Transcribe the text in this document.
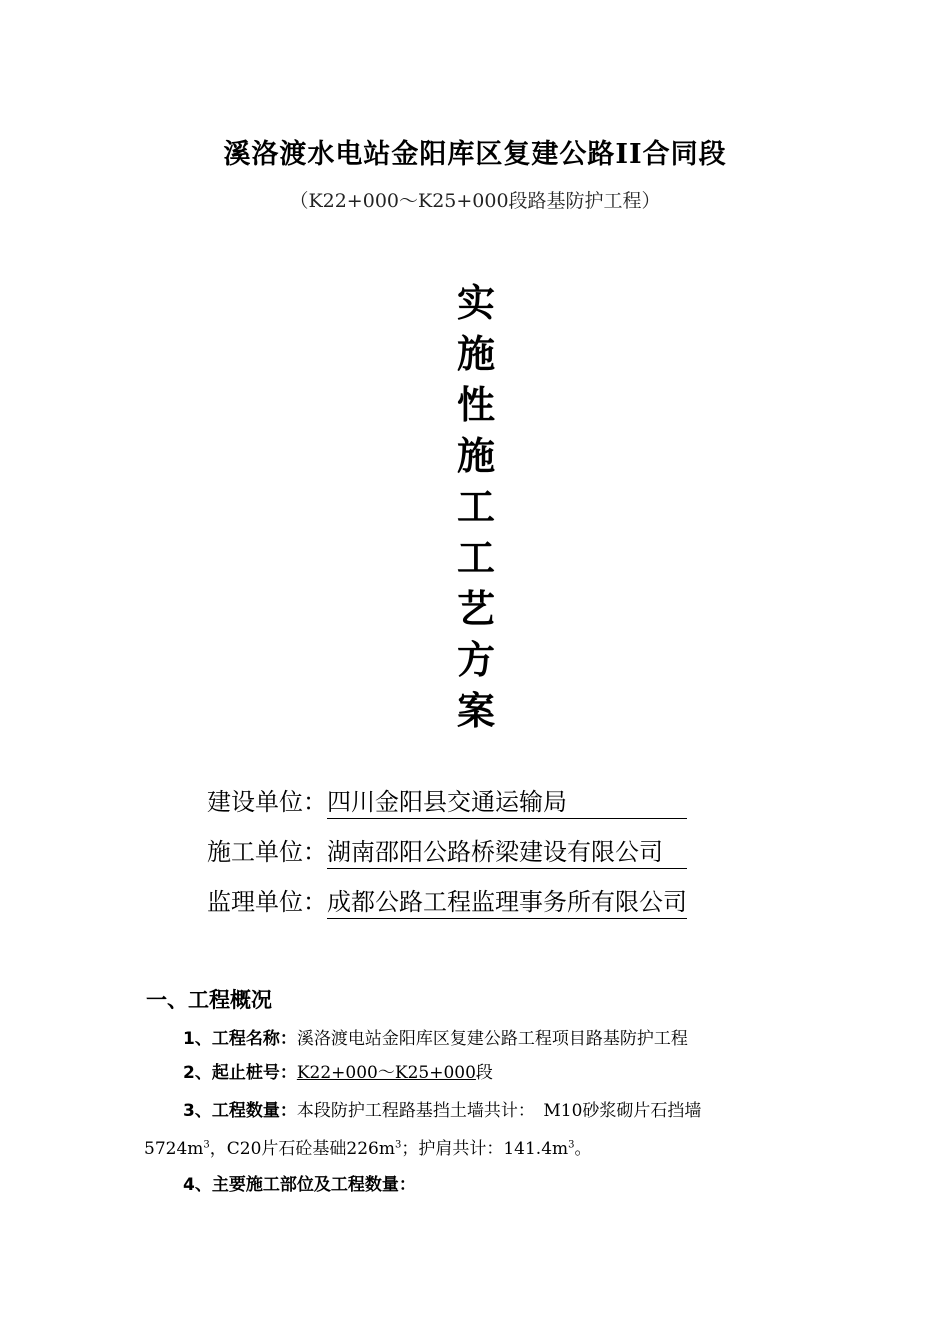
溪洛渡水电站金阳库区复建公路II合同段
（K22+000～K25+000段路基防护工程）
实
施
性
施
工
工
艺
方
案
建设单位：四川金阳县交通运输局　　　　　
施工单位：湖南邵阳公路桥梁建设有限公司　
监理单位：成都公路工程监理事务所有限公司
一、工程概况
1、工程名称：溪洛渡电站金阳库区复建公路工程项目路基防护工程
2、起止桩号：K22+000～K25+000段
3、工程数量：本段防护工程路基挡土墙共计：　M10砂浆砌片石挡墙
$5724m^3$，C20片石砼基础$226m^3$；护肩共计：$141.4m^3$。
4、主要施工部位及工程数量：
